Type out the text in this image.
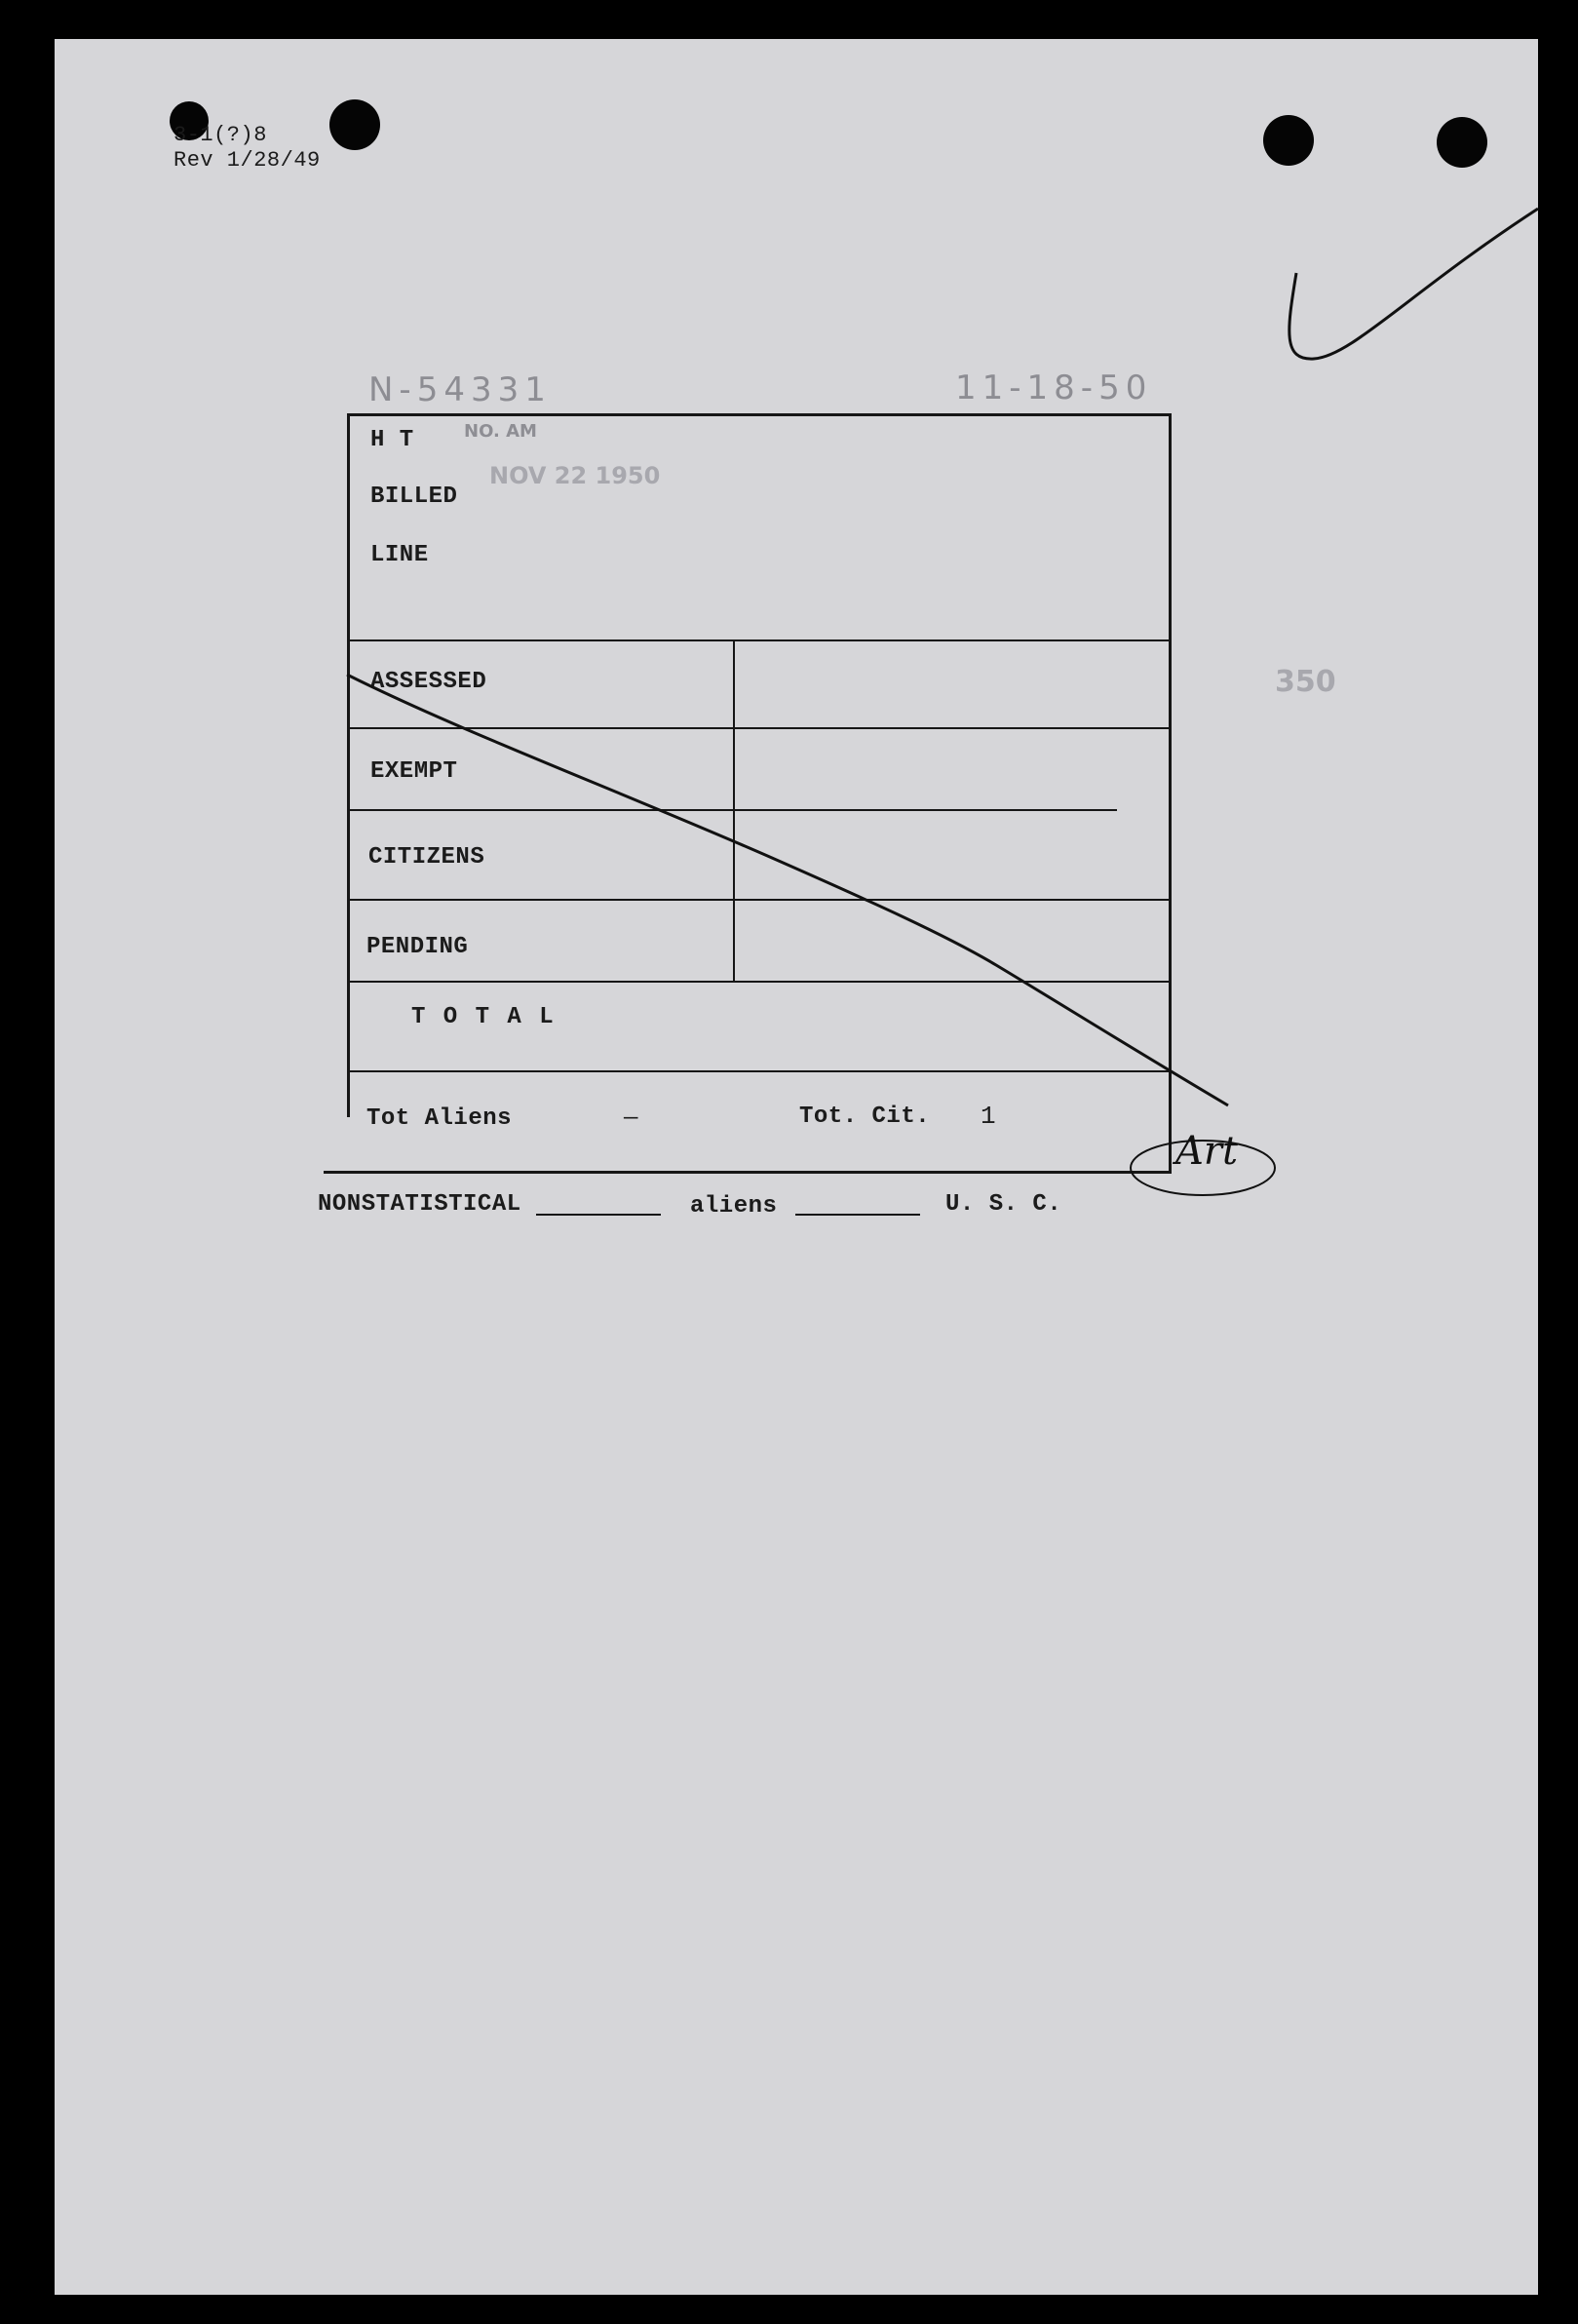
3-1(?)8
Rev 1/28/49
N-54331	11-18-50
NO. AM
NOV 22 1950
350
H T
BILLED
LINE
ASSESSED
EXEMPT
CITIZENS
PENDING
T O T A L
Tot Aliens	—	Tot. Cit. 1
Art
NONSTATISTICAL	aliens	U. S. C.
